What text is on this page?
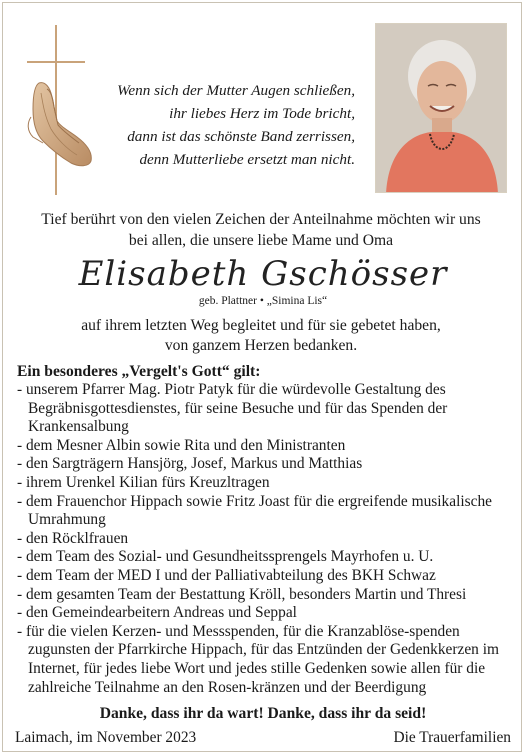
Wenn sich der Mutter Augen schließen,
ihr liebes Herz im Tode bricht,
dann ist das schönste Band zerrissen,
denn Mutterliebe ersetzt man nicht.
Tief berührt von den vielen Zeichen der Anteilnahme möchten wir uns
bei allen, die unsere liebe Mame und Oma
Elisabeth Gschösser
geb. Plattner • „Simina Lis“
auf ihrem letzten Weg begleitet und für sie gebetet haben,
von ganzem Herzen bedanken.
Ein besonderes „Vergelt's Gott“ gilt:
- unserem Pfarrer Mag. Piotr Patyk für die würdevolle Gestaltung des Begräbnisgottesdienstes, für seine Besuche und für das Spenden der Krankensalbung
- dem Mesner Albin sowie Rita und den Ministranten
- den Sargträgern Hansjörg, Josef, Markus und Matthias
- ihrem Urenkel Kilian fürs Kreuzltragen
- dem Frauenchor Hippach sowie Fritz Joast für die ergreifende musikalische Umrahmung
- den Röcklfrauen
- dem Team des Sozial- und Gesundheitssprengels Mayrhofen u. U.
- dem Team der MED I und der Palliativabteilung des BKH Schwaz
- dem gesamten Team der Bestattung Kröll, besonders Martin und Thresi
- den Gemeindearbeitern Andreas und Seppal
- für die vielen Kerzen- und Messspenden, für die Kranzablöse-spenden zugunsten der Pfarrkirche Hippach, für das Entzünden der Gedenkkerzen im Internet, für jedes liebe Wort und jedes stille Gedenken sowie allen für die zahlreiche Teilnahme an den Rosen-kränzen und der Beerdigung
Danke, dass ihr da wart! Danke, dass ihr da seid!
Laimach, im November 2023	Die Trauerfamilien
